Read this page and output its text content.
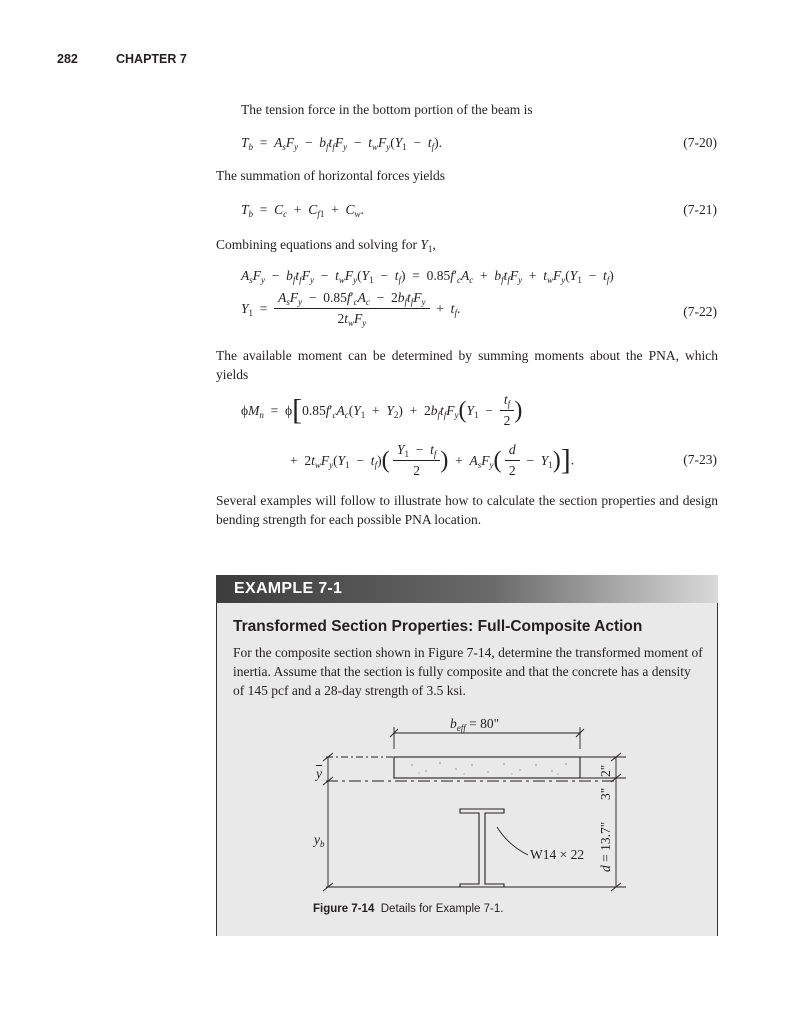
282	CHAPTER 7
The tension force in the bottom portion of the beam is
$T_b = A_sF_y - b_ft_fF_y - t_wF_y(Y_1 - t_f)$.	(7-20)
The summation of horizontal forces yields
$T_b = C_c + C_{f1} + C_w$.	(7-21)
Combining equations and solving for $Y_1$,
$A_sF_y - b_ft_fF_y - t_wF_y(Y_1 - t_f) = 0.85f'_cA_c + b_ft_fF_y + t_wF_y(Y_1 - t_f)$
$Y_1 = \frac{A_sF_y - 0.85f'_cA_c - 2b_ft_fF_y}{2t_wF_y} + t_f$.	(7-22)
The available moment can be determined by summing moments about the PNA, which yields
$\phi M_n = \phi[0.85f'_cA_c(Y_1 + Y_2) + 2b_ft_fF_y(Y_1 - \frac{t_f}{2}$ )
+  $2t_wF_y(Y_1 - t_f)( \frac{Y_1 - t_f}{2}$ )  +  $A_sF_y( \frac{d}{2} - Y_1)$].	(7-23)
Several examples will follow to illustrate how to calculate the section properties and design bending strength for each possible PNA location.
EXAMPLE 7-1
Transformed Section Properties: Full-Composite Action
For the composite section shown in Figure 7-14, determine the transformed moment of inertia. Assume that the section is fully composite and that the concrete has a density of 145 pcf and a 28-day strength of 3.5 ksi.
$b_{eff} = 80$"
$\overline{y}$
$y_b$
W14 × 22
2"
3"
d = 13.7"
Figure 7-14 Details for Example 7-1.
